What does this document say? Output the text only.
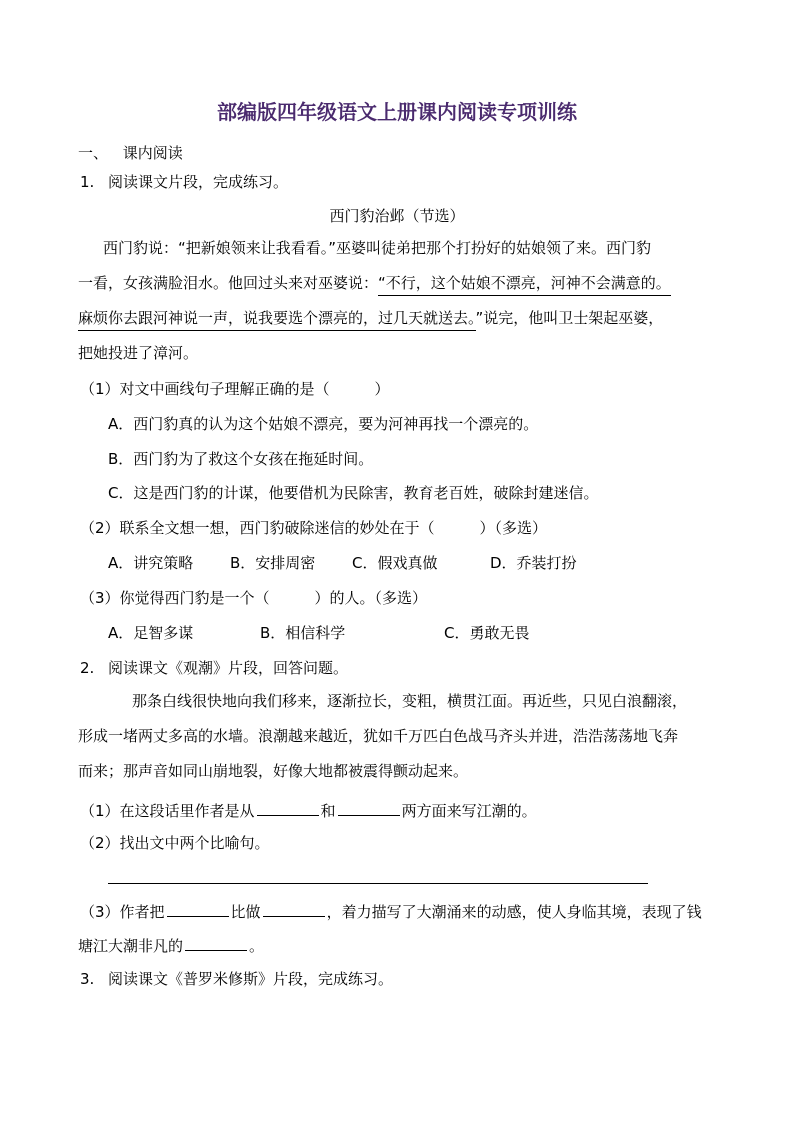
部编版四年级语文上册课内阅读专项训练
一、 课内阅读
1. 阅读课文片段，完成练习。
西门豹治邺（节选）
西门豹说：“把新娘领来让我看看。”巫婆叫徒弟把那个打扮好的姑娘领了来。西门豹
一看，女孩满脸泪水。他回过头来对巫婆说：“不行，这个姑娘不漂亮，河神不会满意的。
麻烦你去跟河神说一声，说我要选个漂亮的，过几天就送去。”说完，他叫卫士架起巫婆，
把她投进了漳河。
（1）对文中画线句子理解正确的是（　　　）
A．西门豹真的认为这个姑娘不漂亮，要为河神再找一个漂亮的。
B．西门豹为了救这个女孩在拖延时间。
C．这是西门豹的计谋，他要借机为民除害，教育老百姓，破除封建迷信。
（2）联系全文想一想，西门豹破除迷信的妙处在于（　　　）（多选）
A．讲究策略 B．安排周密 C．假戏真做	D．乔装打扮
（3）你觉得西门豹是一个（　　　）的人。（多选）
A．足智多谋	B．相信科学	C．勇敢无畏
2. 阅读课文《观潮》片段，回答问题。
那条白线很快地向我们移来，逐渐拉长，变粗，横贯江面。再近些，只见白浪翻滚，
形成一堵两丈多高的水墙。浪潮越来越近，犹如千万匹白色战马齐头并进，浩浩荡荡地飞奔
而来；那声音如同山崩地裂，好像大地都被震得颤动起来。
（1）在这段话里作者是从	和	两方面来写江潮的。
（2）找出文中两个比喻句。
（3）作者把	比做	，着力描写了大潮涌来的动感，使人身临其境，表现了钱
塘江大潮非凡的	。
3. 阅读课文《普罗米修斯》片段，完成练习。
